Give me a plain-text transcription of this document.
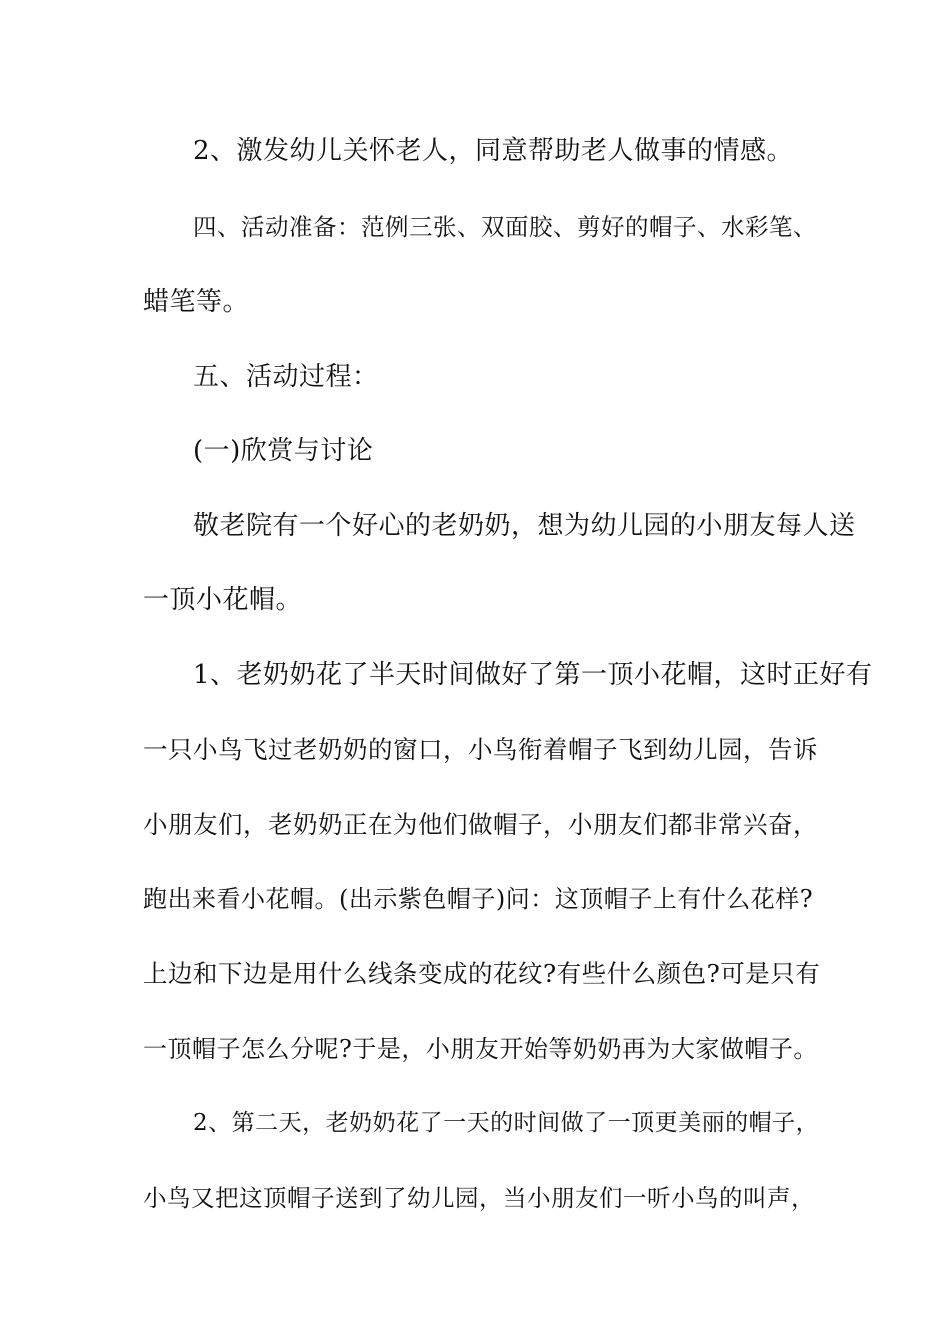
2、激发幼儿关怀老人，同意帮助老人做事的情感。
四、活动准备：范例三张、双面胶、剪好的帽子、水彩笔、
蜡笔等。
五、活动过程：
(一)欣赏与讨论
敬老院有一个好心的老奶奶，想为幼儿园的小朋友每人送
一顶小花帽。
1、老奶奶花了半天时间做好了第一顶小花帽，这时正好有
一只小鸟飞过老奶奶的窗口，小鸟衔着帽子飞到幼儿园，告诉
小朋友们，老奶奶正在为他们做帽子，小朋友们都非常兴奋，
跑出来看小花帽。(出示紫色帽子)问：这顶帽子上有什么花样?
上边和下边是用什么线条变成的花纹?有些什么颜色?可是只有
一顶帽子怎么分呢?于是，小朋友开始等奶奶再为大家做帽子。
2、第二天，老奶奶花了一天的时间做了一顶更美丽的帽子，
小鸟又把这顶帽子送到了幼儿园，当小朋友们一听小鸟的叫声，
